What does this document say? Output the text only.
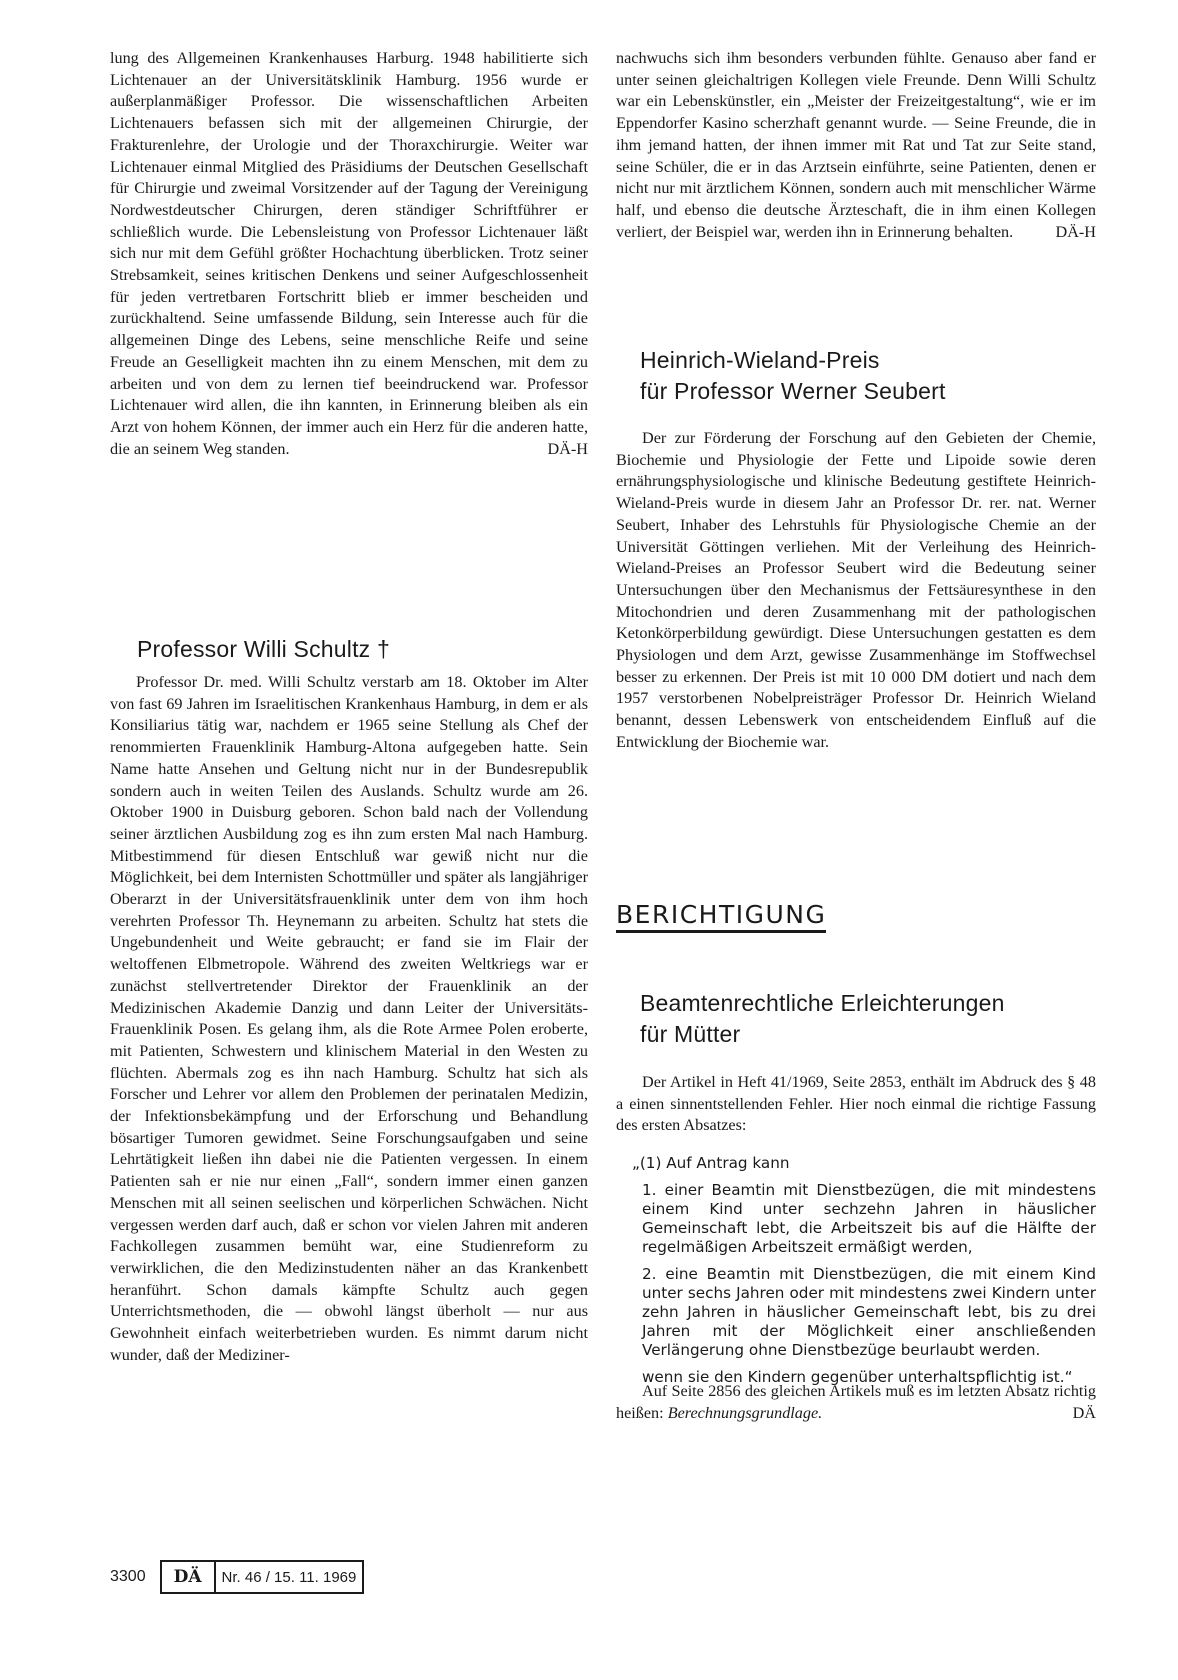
lung des Allgemeinen Krankenhauses Harburg. 1948 habilitierte sich Lichtenauer an der Universitätsklinik Hamburg. 1956 wurde er außerplanmäßiger Professor. Die wissenschaftlichen Arbeiten Lichtenauers befassen sich mit der allgemeinen Chirurgie, der Frakturenlehre, der Urologie und der Thoraxchirurgie. Weiter war Lichtenauer einmal Mitglied des Präsidiums der Deutschen Gesellschaft für Chirurgie und zweimal Vorsitzender auf der Tagung der Vereinigung Nordwestdeutscher Chirurgen, deren ständiger Schriftführer er schließlich wurde. Die Lebensleistung von Professor Lichtenauer läßt sich nur mit dem Gefühl größter Hochachtung überblicken. Trotz seiner Strebsamkeit, seines kritischen Denkens und seiner Aufgeschlossenheit für jeden vertretbaren Fortschritt blieb er immer bescheiden und zurückhaltend. Seine umfassende Bildung, sein Interesse auch für die allgemeinen Dinge des Lebens, seine menschliche Reife und seine Freude an Geselligkeit machten ihn zu einem Menschen, mit dem zu arbeiten und von dem zu lernen tief beeindruckend war. Professor Lichtenauer wird allen, die ihn kannten, in Erinnerung bleiben als ein Arzt von hohem Können, der immer auch ein Herz für die anderen hatte, die an seinem Weg standen.	DÄ-H

Professor Willi Schultz †

Professor Dr. med. Willi Schultz verstarb am 18. Oktober im Alter von fast 69 Jahren im Israelitischen Krankenhaus Hamburg, in dem er als Konsiliarius tätig war, nachdem er 1965 seine Stellung als Chef der renommierten Frauenklinik Hamburg-Altona aufgegeben hatte. Sein Name hatte Ansehen und Geltung nicht nur in der Bundesrepublik sondern auch in weiten Teilen des Auslands. Schultz wurde am 26. Oktober 1900 in Duisburg geboren. Schon bald nach der Vollendung seiner ärztlichen Ausbildung zog es ihn zum ersten Mal nach Hamburg. Mitbestimmend für diesen Entschluß war gewiß nicht nur die Möglichkeit, bei dem Internisten Schottmüller und später als langjähriger Oberarzt in der Universitätsfrauenklinik unter dem von ihm hoch verehrten Professor Th. Heynemann zu arbeiten. Schultz hat stets die Ungebundenheit und Weite gebraucht; er fand sie im Flair der weltoffenen Elbmetropole. Während des zweiten Weltkriegs war er zunächst stellvertretender Direktor der Frauenklinik an der Medizinischen Akademie Danzig und dann Leiter der Universitäts-Frauenklinik Posen. Es gelang ihm, als die Rote Armee Polen eroberte, mit Patienten, Schwestern und klinischem Material in den Westen zu flüchten. Abermals zog es ihn nach Hamburg. Schultz hat sich als Forscher und Lehrer vor allem den Problemen der perinatalen Medizin, der Infektionsbekämpfung und der Erforschung und Behandlung bösartiger Tumoren gewidmet. Seine Forschungsaufgaben und seine Lehrtätigkeit ließen ihn dabei nie die Patienten vergessen. In einem Patienten sah er nie nur einen „Fall“, sondern immer einen ganzen Menschen mit all seinen seelischen und körperlichen Schwächen. Nicht vergessen werden darf auch, daß er schon vor vielen Jahren mit anderen Fachkollegen zusammen bemüht war, eine Studienreform zu verwirklichen, die den Medizinstudenten näher an das Krankenbett heranführt. Schon damals kämpfte Schultz auch gegen Unterrichtsmethoden, die — obwohl längst überholt — nur aus Gewohnheit einfach weiterbetrieben wurden. Es nimmt darum nicht wunder, daß der Mediziner-

nachwuchs sich ihm besonders verbunden fühlte. Genauso aber fand er unter seinen gleichaltrigen Kollegen viele Freunde. Denn Willi Schultz war ein Lebenskünstler, ein „Meister der Freizeitgestaltung“, wie er im Eppendorfer Kasino scherzhaft genannt wurde. — Seine Freunde, die in ihm jemand hatten, der ihnen immer mit Rat und Tat zur Seite stand, seine Schüler, die er in das Arztsein einführte, seine Patienten, denen er nicht nur mit ärztlichem Können, sondern auch mit menschlicher Wärme half, und ebenso die deutsche Ärzteschaft, die in ihm einen Kollegen verliert, der Beispiel war, werden ihn in Erinnerung behalten.	DÄ-H

Heinrich-Wieland-Preis
für Professor Werner Seubert

Der zur Förderung der Forschung auf den Gebieten der Chemie, Biochemie und Physiologie der Fette und Lipoide sowie deren ernährungsphysiologische und klinische Bedeutung gestiftete Heinrich-Wieland-Preis wurde in diesem Jahr an Professor Dr. rer. nat. Werner Seubert, Inhaber des Lehrstuhls für Physiologische Chemie an der Universität Göttingen verliehen. Mit der Verleihung des Heinrich-Wieland-Preises an Professor Seubert wird die Bedeutung seiner Untersuchungen über den Mechanismus der Fettsäuresynthese in den Mitochondrien und deren Zusammenhang mit der pathologischen Ketonkörperbildung gewürdigt. Diese Untersuchungen gestatten es dem Physiologen und dem Arzt, gewisse Zusammenhänge im Stoffwechsel besser zu erkennen. Der Preis ist mit 10 000 DM dotiert und nach dem 1957 verstorbenen Nobelpreisträger Professor Dr. Heinrich Wieland benannt, dessen Lebenswerk von entscheidendem Einfluß auf die Entwicklung der Biochemie war.

BERICHTIGUNG
Beamtenrechtliche Erleichterungen
für Mütter

Der Artikel in Heft 41/1969, Seite 2853, enthält im Abdruck des § 48 a einen sinnentstellenden Fehler. Hier noch einmal die richtige Fassung des ersten Absatzes:

„(1) Auf Antrag kann

1. einer Beamtin mit Dienstbezügen, die mit mindestens einem Kind unter sechzehn Jahren in häuslicher Gemeinschaft lebt, die Arbeitszeit bis auf die Hälfte der regelmäßigen Arbeitszeit ermäßigt werden,

2. eine Beamtin mit Dienstbezügen, die mit einem Kind unter sechs Jahren oder mit mindestens zwei Kindern unter zehn Jahren in häuslicher Gemeinschaft lebt, bis zu drei Jahren mit der Möglichkeit einer anschließenden Verlängerung ohne Dienstbezüge beurlaubt werden.

wenn sie den Kindern gegenüber unterhaltspflichtig ist.“

Auf Seite 2856 des gleichen Artikels muß es im letzten Absatz richtig heißen: Berechnungsgrundlage.	DÄ

3300	DÄ	Nr. 46 / 15. 11. 1969
